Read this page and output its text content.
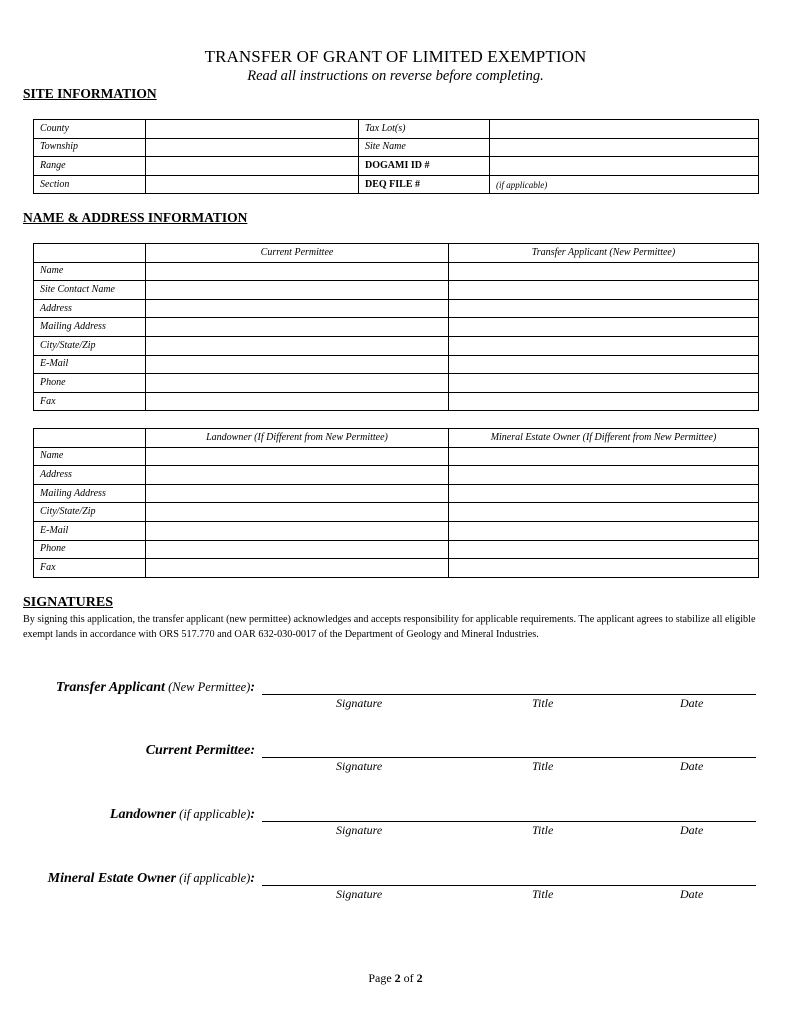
TRANSFER OF GRANT OF LIMITED EXEMPTION
Read all instructions on reverse before completing.
SITE INFORMATION
County		Tax Lot(s)	
Township		Site Name	
Range		DOGAMI ID #	
Section		DEQ FILE #	(if applicable)
NAME & ADDRESS INFORMATION
	Current Permittee	Transfer Applicant (New Permittee)
Name		
Site Contact Name		
Address		
Mailing Address		
City/State/Zip		
E-Mail		
Phone		
Fax		
	Landowner (If Different from New Permittee)	Mineral Estate Owner (If Different from New Permittee)
Name		
Address		
Mailing Address		
City/State/Zip		
E-Mail		
Phone		
Fax		
SIGNATURES
By signing this application, the transfer applicant (new permittee) acknowledges and accepts responsibility for applicable requirements. The applicant agrees to stabilize all eligible exempt lands in accordance with ORS 517.770 and OAR 632-030-0017 of the Department of Geology and Mineral Industries.
Transfer Applicant (New Permittee):
Signature	Title	Date
Current Permittee:
Signature	Title	Date
Landowner (if applicable):
Signature	Title	Date
Mineral Estate Owner (if applicable):
Signature	Title	Date
Page 2 of 2
